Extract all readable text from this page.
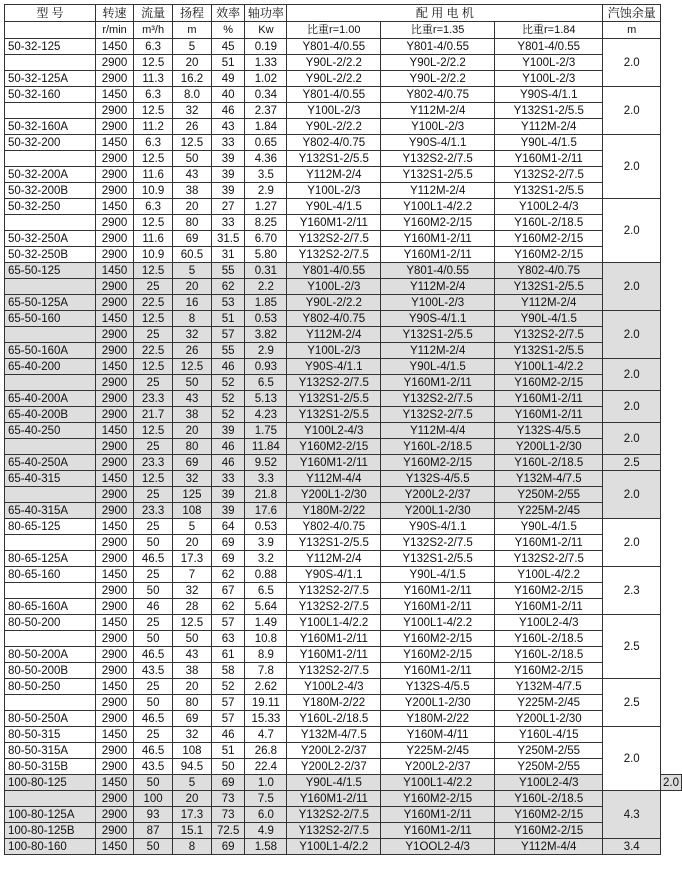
型 号	转速	流量	扬程	效率	轴功率	配 用 电 机			汽蚀余量	
	r/min	m³/h	m	%	Kw	比重r=1.00	比重r=1.35	比重r=1.84	m	
50-32-125	1450	6.3	5	45	0.19	Y801-4/0.55	Y801-4/0.55	Y801-4/0.55	2.0	
	2900	12.5	20	51	1.33	Y90L-2/2.2	Y90L-2/2.2	Y100L-2/3		
50-32-125A	2900	11.3	16.2	49	1.02	Y90L-2/2.2	Y90L-2/2.2	Y100L-2/3		
50-32-160	1450	6.3	8.0	40	0.34	Y801-4/0.55	Y802-4/0.75	Y90S-4/1.1	2.0	
	2900	12.5	32	46	2.37	Y100L-2/3	Y112M-2/4	Y132S1-2/5.5		
50-32-160A	2900	11.2	26	43	1.84	Y90L-2/2.2	Y100L-2/3	Y112M-2/4		
50-32-200	1450	6.3	12.5	33	0.65	Y802-4/0.75	Y90S-4/1.1	Y90L-4/1.5	2.0	
	2900	12.5	50	39	4.36	Y132S1-2/5.5	Y132S2-2/7.5	Y160M1-2/11		
50-32-200A	2900	11.6	43	39	3.5	Y112M-2/4	Y132S1-2/5.5	Y132S2-2/7.5		
50-32-200B	2900	10.9	38	39	2.9	Y100L-2/3	Y112M-2/4	Y132S1-2/5.5		
50-32-250	1450	6.3	20	27	1.27	Y90L-4/1.5	Y100L1-4/2.2	Y100L2-4/3	2.0	
	2900	12.5	80	33	8.25	Y160M1-2/11	Y160M2-2/15	Y160L-2/18.5		
50-32-250A	2900	11.6	69	31.5	6.70	Y132S2-2/7.5	Y160M1-2/11	Y160M2-2/15		
50-32-250B	2900	10.9	60.5	31	5.80	Y132S2-2/7.5	Y160M1-2/11	Y160M2-2/15		
65-50-125	1450	12.5	5	55	0.31	Y801-4/0.55	Y801-4/0.55	Y802-4/0.75	2.0	
	2900	25	20	62	2.2	Y100L-2/3	Y112M-2/4	Y132S1-2/5.5		
65-50-125A	2900	22.5	16	53	1.85	Y90L-2/2.2	Y100L-2/3	Y112M-2/4		
65-50-160	1450	12.5	8	51	0.53	Y802-4/0.75	Y90S-4/1.1	Y90L-4/1.5	2.0	
	2900	25	32	57	3.82	Y112M-2/4	Y132S1-2/5.5	Y132S2-2/7.5		
65-50-160A	2900	22.5	26	55	2.9	Y100L-2/3	Y112M-2/4	Y132S1-2/5.5		
65-40-200	1450	12.5	12.5	46	0.93	Y90S-4/1.1	Y90L-4/1.5	Y100L1-4/2.2	2.0	
	2900	25	50	52	6.5	Y132S2-2/7.5	Y160M1-2/11	Y160M2-2/15		
65-40-200A	2900	23.3	43	52	5.13	Y132S1-2/5.5	Y132S2-2/7.5	Y160M1-2/11	2.0	
65-40-200B	2900	21.7	38	52	4.23	Y132S1-2/5.5	Y132S2-2/7.5	Y160M1-2/11		
65-40-250	1450	12.5	20	39	1.75	Y100L2-4/3	Y112M-4/4	Y132S-4/5.5	2.0	
	2900	25	80	46	11.84	Y160M2-2/15	Y160L-2/18.5	Y200L1-2/30		
65-40-250A	2900	23.3	69	46	9.52	Y160M1-2/11	Y160M2-2/15	Y160L-2/18.5	2.5	
65-40-315	1450	12.5	32	33	3.3	Y112M-4/4	Y132S-4/5.5	Y132M-4/7.5	2.0	
	2900	25	125	39	21.8	Y200L1-2/30	Y200L2-2/37	Y250M-2/55		
65-40-315A	2900	23.3	108	39	17.6	Y180M-2/22	Y200L1-2/30	Y225M-2/45		
80-65-125	1450	25	5	64	0.53	Y802-4/0.75	Y90S-4/1.1	Y90L-4/1.5	2.0	
	2900	50	20	69	3.9	Y132S1-2/5.5	Y132S2-2/7.5	Y160M1-2/11		
80-65-125A	2900	46.5	17.3	69	3.2	Y112M-2/4	Y132S1-2/5.5	Y132S2-2/7.5		
80-65-160	1450	25	7	62	0.88	Y90S-4/1.1	Y90L-4/1.5	Y100L-4/2.2	2.3	
	2900	50	32	67	6.5	Y132S2-2/7.5	Y160M1-2/11	Y160M2-2/15		
80-65-160A	2900	46	28	62	5.64	Y132S2-2/7.5	Y160M1-2/11	Y160M1-2/11		
80-50-200	1450	25	12.5	57	1.49	Y100L1-4/2.2	Y100L1-4/2.2	Y100L2-4/3	2.5	
	2900	50	50	63	10.8	Y160M1-2/11	Y160M2-2/15	Y160L-2/18.5		
80-50-200A	2900	46.5	43	61	8.9	Y160M1-2/11	Y160M2-2/15	Y160L-2/18.5		
80-50-200B	2900	43.5	38	58	7.8	Y132S2-2/7.5	Y160M1-2/11	Y160M2-2/15		
80-50-250	1450	25	20	52	2.62	Y100L2-4/3	Y132S-4/5.5	Y132M-4/7.5	2.5	
	2900	50	80	57	19.11	Y180M-2/22	Y200L1-2/30	Y225M-2/45		
80-50-250A	2900	46.5	69	57	15.33	Y160L-2/18.5	Y180M-2/22	Y200L1-2/30		
80-50-315	1450	25	32	46	4.7	Y132M-4/7.5	Y160M-4/11	Y160L-4/15	2.0	
80-50-315A	2900	46.5	108	51	26.8	Y200L2-2/37	Y225M-2/45	Y250M-2/55		
80-50-315B	2900	43.5	94.5	50	22.4	Y200L2-2/37	Y200L2-2/37	Y250M-2/55		
100-80-125	1450	50	5	69	1.0	Y90L-4/1.5	Y100L1-4/2.2	Y100L2-4/3		2.0
	2900	100	20	73	7.5	Y160M1-2/11	Y160M2-2/15	Y160L-2/18.5	4.3	
100-80-125A	2900	93	17.3	73	6.0	Y132S2-2/7.5	Y160M1-2/11	Y160M2-2/15		
100-80-125B	2900	87	15.1	72.5	4.9	Y132S2-2/7.5	Y160M1-2/11	Y160M2-2/15		
100-80-160	1450	50	8	69	1.58	Y100L1-4/2.2	Y1OOL2-4/3	Y112M-4/4	3.4	
